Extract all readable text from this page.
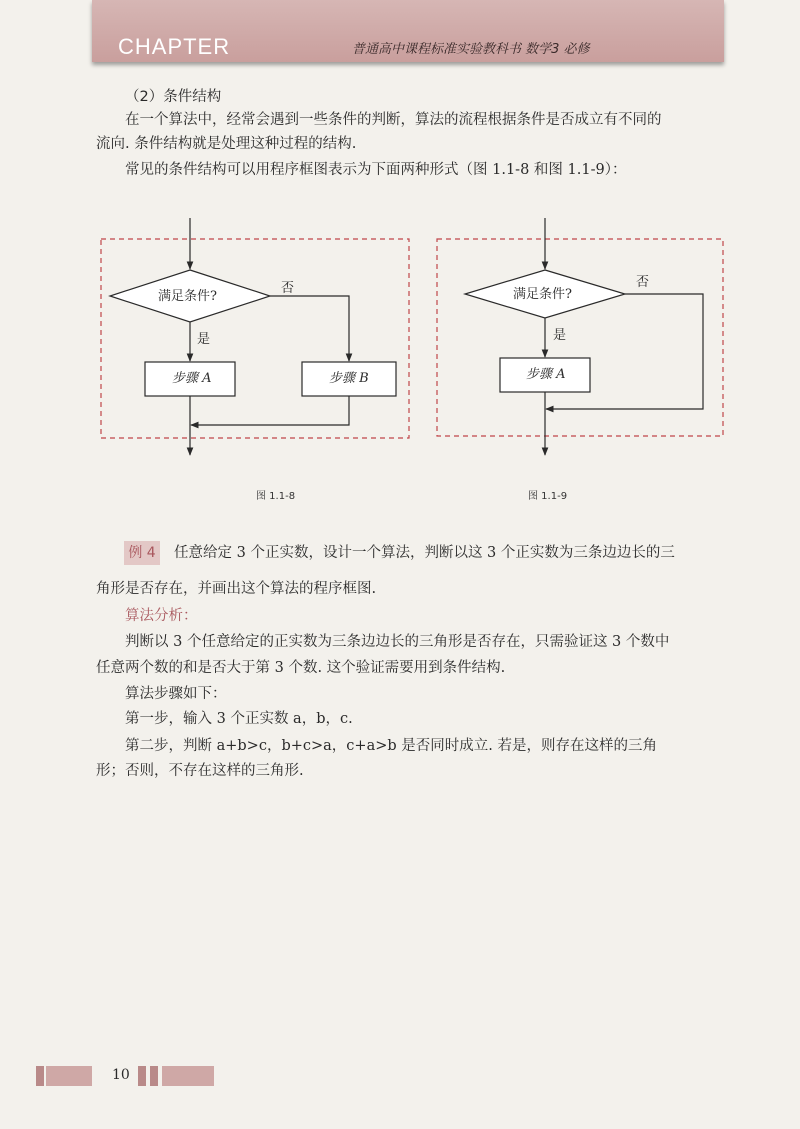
CHAPTER	普通高中课程标准实验教科书 数学3 必修
（2）条件结构
在一个算法中，经常会遇到一些条件的判断，算法的流程根据条件是否成立有不同的
流向. 条件结构就是处理这种过程的结构.
常见的条件结构可以用程序框图表示为下面两种形式（图 1.1-8 和图 1.1-9）：
满足条件?
否
是
步骤 A	步骤 B
图 1.1-8
满足条件?
否
是
步骤 A
图 1.1-9
例 4 任意给定 3 个正实数，设计一个算法，判断以这 3 个正实数为三条边边长的三
角形是否存在，并画出这个算法的程序框图.
算法分析：
判断以 3 个任意给定的正实数为三条边边长的三角形是否存在，只需验证这 3 个数中
任意两个数的和是否大于第 3 个数. 这个验证需要用到条件结构.
算法步骤如下：
第一步，输入 3 个正实数 a，b，c.
第二步，判断 a+b>c，b+c>a，c+a>b 是否同时成立. 若是，则存在这样的三角
形；否则，不存在这样的三角形.
10
